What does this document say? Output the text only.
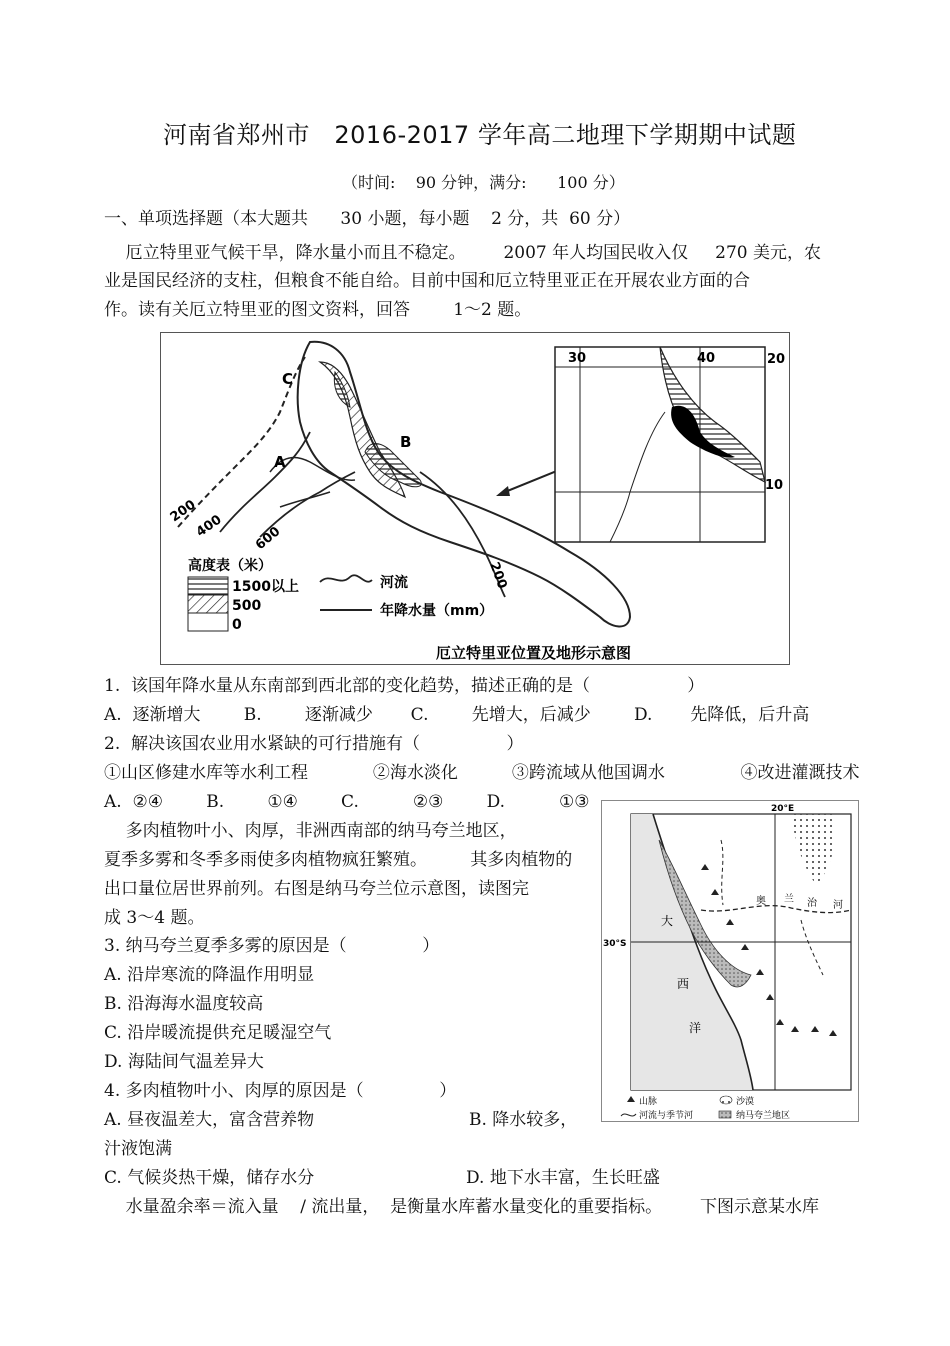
河南省郑州市   2016-2017 学年高二地理下学期期中试题
（时间:    90 分钟，满分:      100 分）
一、单项选择题（本大题共      30 小题，每小题    2 分，共  60 分）
厄立特里亚气候干旱，降水量小而且不稳定。       2007 年人均国民收入仅     270 美元，农
业是国民经济的支柱，但粮食不能自给。目前中国和厄立特里亚正在开展农业方面的合
作。读有关厄立特里亚的图文资料，回答        1～2 题。
C
A
B
200
400 600
200
30	40	20
10
高度表（米）
1500以上
500
0
河流
年降水量（mm）
厄立特里亚位置及地形示意图
1.  该国年降水量从东南部到西北部的变化趋势，描述正确的是（                  ）
A.  逐渐增大        B.        逐渐减少       C.        先增大，后减少        D.       先降低，后升高
2.  解决该国农业用水紧缺的可行措施有（                ）
①山区修建水库等水利工程            ②海水淡化          ③跨流域从他国调水              ④改进灌溉技术
A.  ②④        B.        ①④        C.          ②③        D.          ①③
多肉植物叶小、肉厚，非洲西南部的纳马夸兰地区，
夏季多雾和冬季多雨使多肉植物疯狂繁殖。        其多肉植物的
出口量位居世界前列。右图是纳马夸兰位示意图，读图完
成 3～4 题。
3. 纳马夸兰夏季多雾的原因是（              ）
A. 沿岸寒流的降温作用明显
B. 沿海海水温度较高
C. 沿岸暖流提供充足暖湿空气
D. 海陆间气温差异大
4. 多肉植物叶小、肉厚的原因是（              ）
A. 昼夜温差大，富含营养物	B. 降水较多，
汁液饱满
C. 气候炎热干燥，储存水分	D. 地下水丰富，生长旺盛
水量盈余率＝流入量    / 流出量，  是衡量水库蓄水量变化的重要指标。       下图示意某水库
20°E
30°S
大
西
洋
奥 兰 治 河
山脉	沙漠
河流与季节河	纳马夸兰地区
